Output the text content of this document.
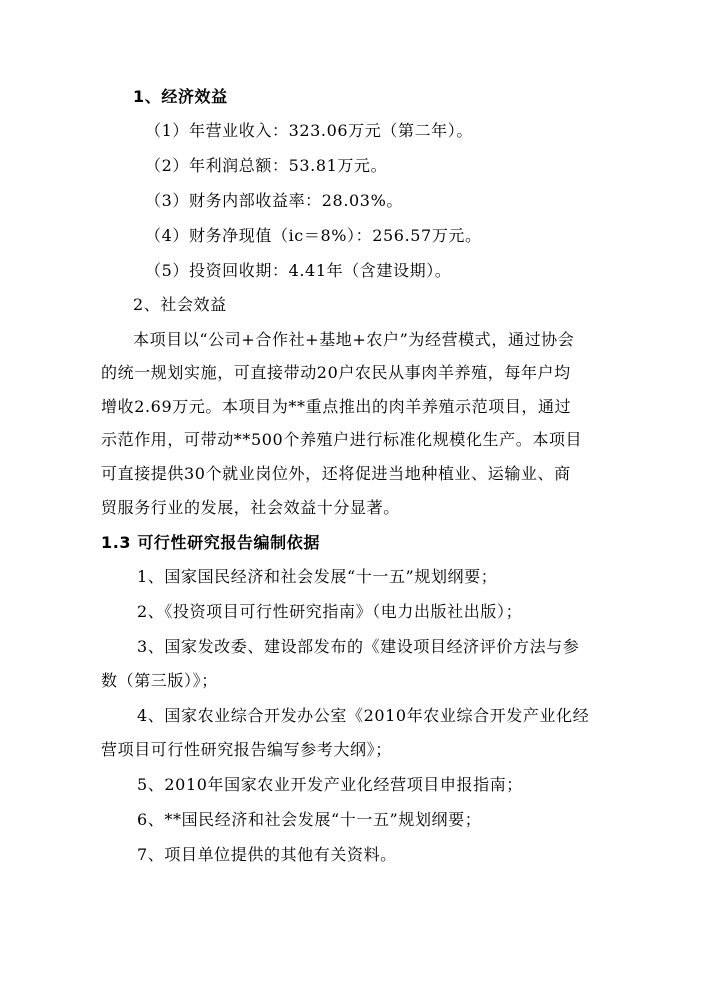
1、经济效益
（1）年营业收入：323.06万元（第二年）。
（2）年利润总额：53.81万元。
（3）财务内部收益率：28.03%。
（4）财务净现值（ic＝8%）：256.57万元。
（5）投资回收期：4.41年（含建设期）。
2、社会效益
本项目以“公司+合作社+基地+农户”为经营模式，通过协会
的统一规划实施，可直接带动20户农民从事肉羊养殖，每年户均
增收2.69万元。本项目为**重点推出的肉羊养殖示范项目，通过
示范作用，可带动**500个养殖户进行标准化规模化生产。本项目
可直接提供30个就业岗位外，还将促进当地种植业、运输业、商
贸服务行业的发展，社会效益十分显著。
1.3 可行性研究报告编制依据
1、国家国民经济和社会发展“十一五”规划纲要；
2、《投资项目可行性研究指南》（电力出版社出版）；
3、国家发改委、建设部发布的《建设项目经济评价方法与参
数（第三版）》；
4、国家农业综合开发办公室《2010年农业综合开发产业化经
营项目可行性研究报告编写参考大纲》；
5、2010年国家农业开发产业化经营项目申报指南；
6、**国民经济和社会发展“十一五”规划纲要；
7、项目单位提供的其他有关资料。
